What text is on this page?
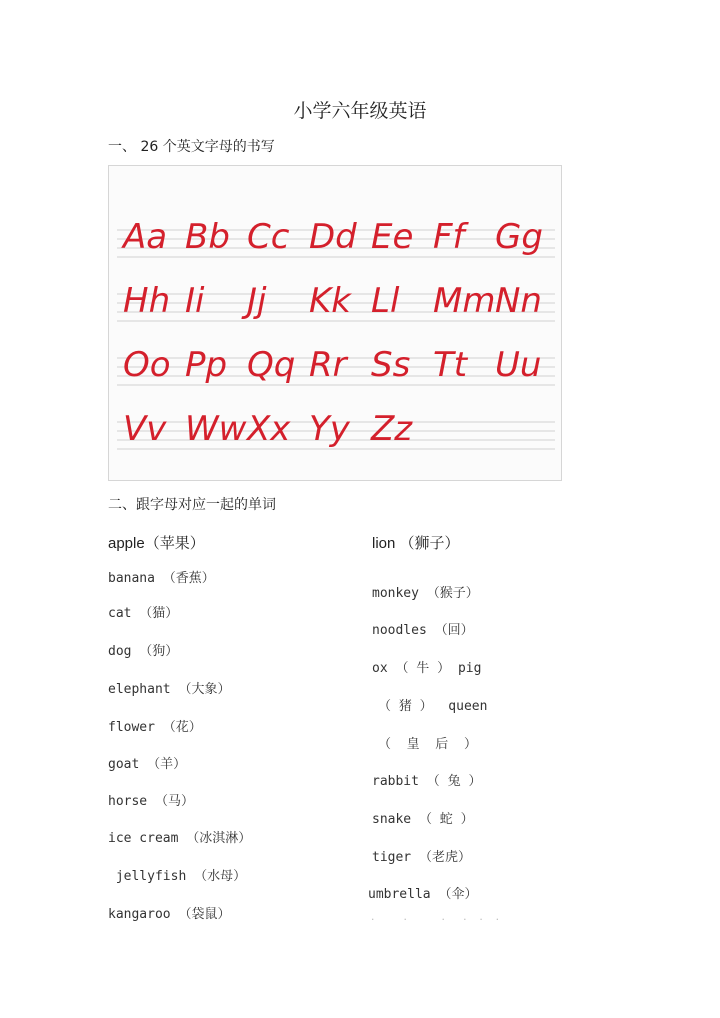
小学六年级英语
一、 26 个英文字母的书写
Aa Bb Cc Dd Ee Ff Gg
Hh Ii Jj Kk Ll Mm Nn
Oo Pp Qq Rr Ss Tt Uu
Vv Ww Xx Yy Zz
二、跟字母对应一起的单词
apple（苹果）
banana （香蕉）
cat （猫）
dog （狗）
elephant （大象）
flower （花）
goat （羊）
horse （马）
ice cream （冰淇淋）
jellyfish （水母）
kangaroo （袋鼠）
lion （狮子）
monkey （猴子）
noodles （回）
ox （ 牛 ） pig
（ 猪 ）  queen
（  皇  后  ）
rabbit （ 兔 ）
snake （ 蛇 ）
tiger （老虎）
umbrella （伞）
.     .      .   .  .  .
